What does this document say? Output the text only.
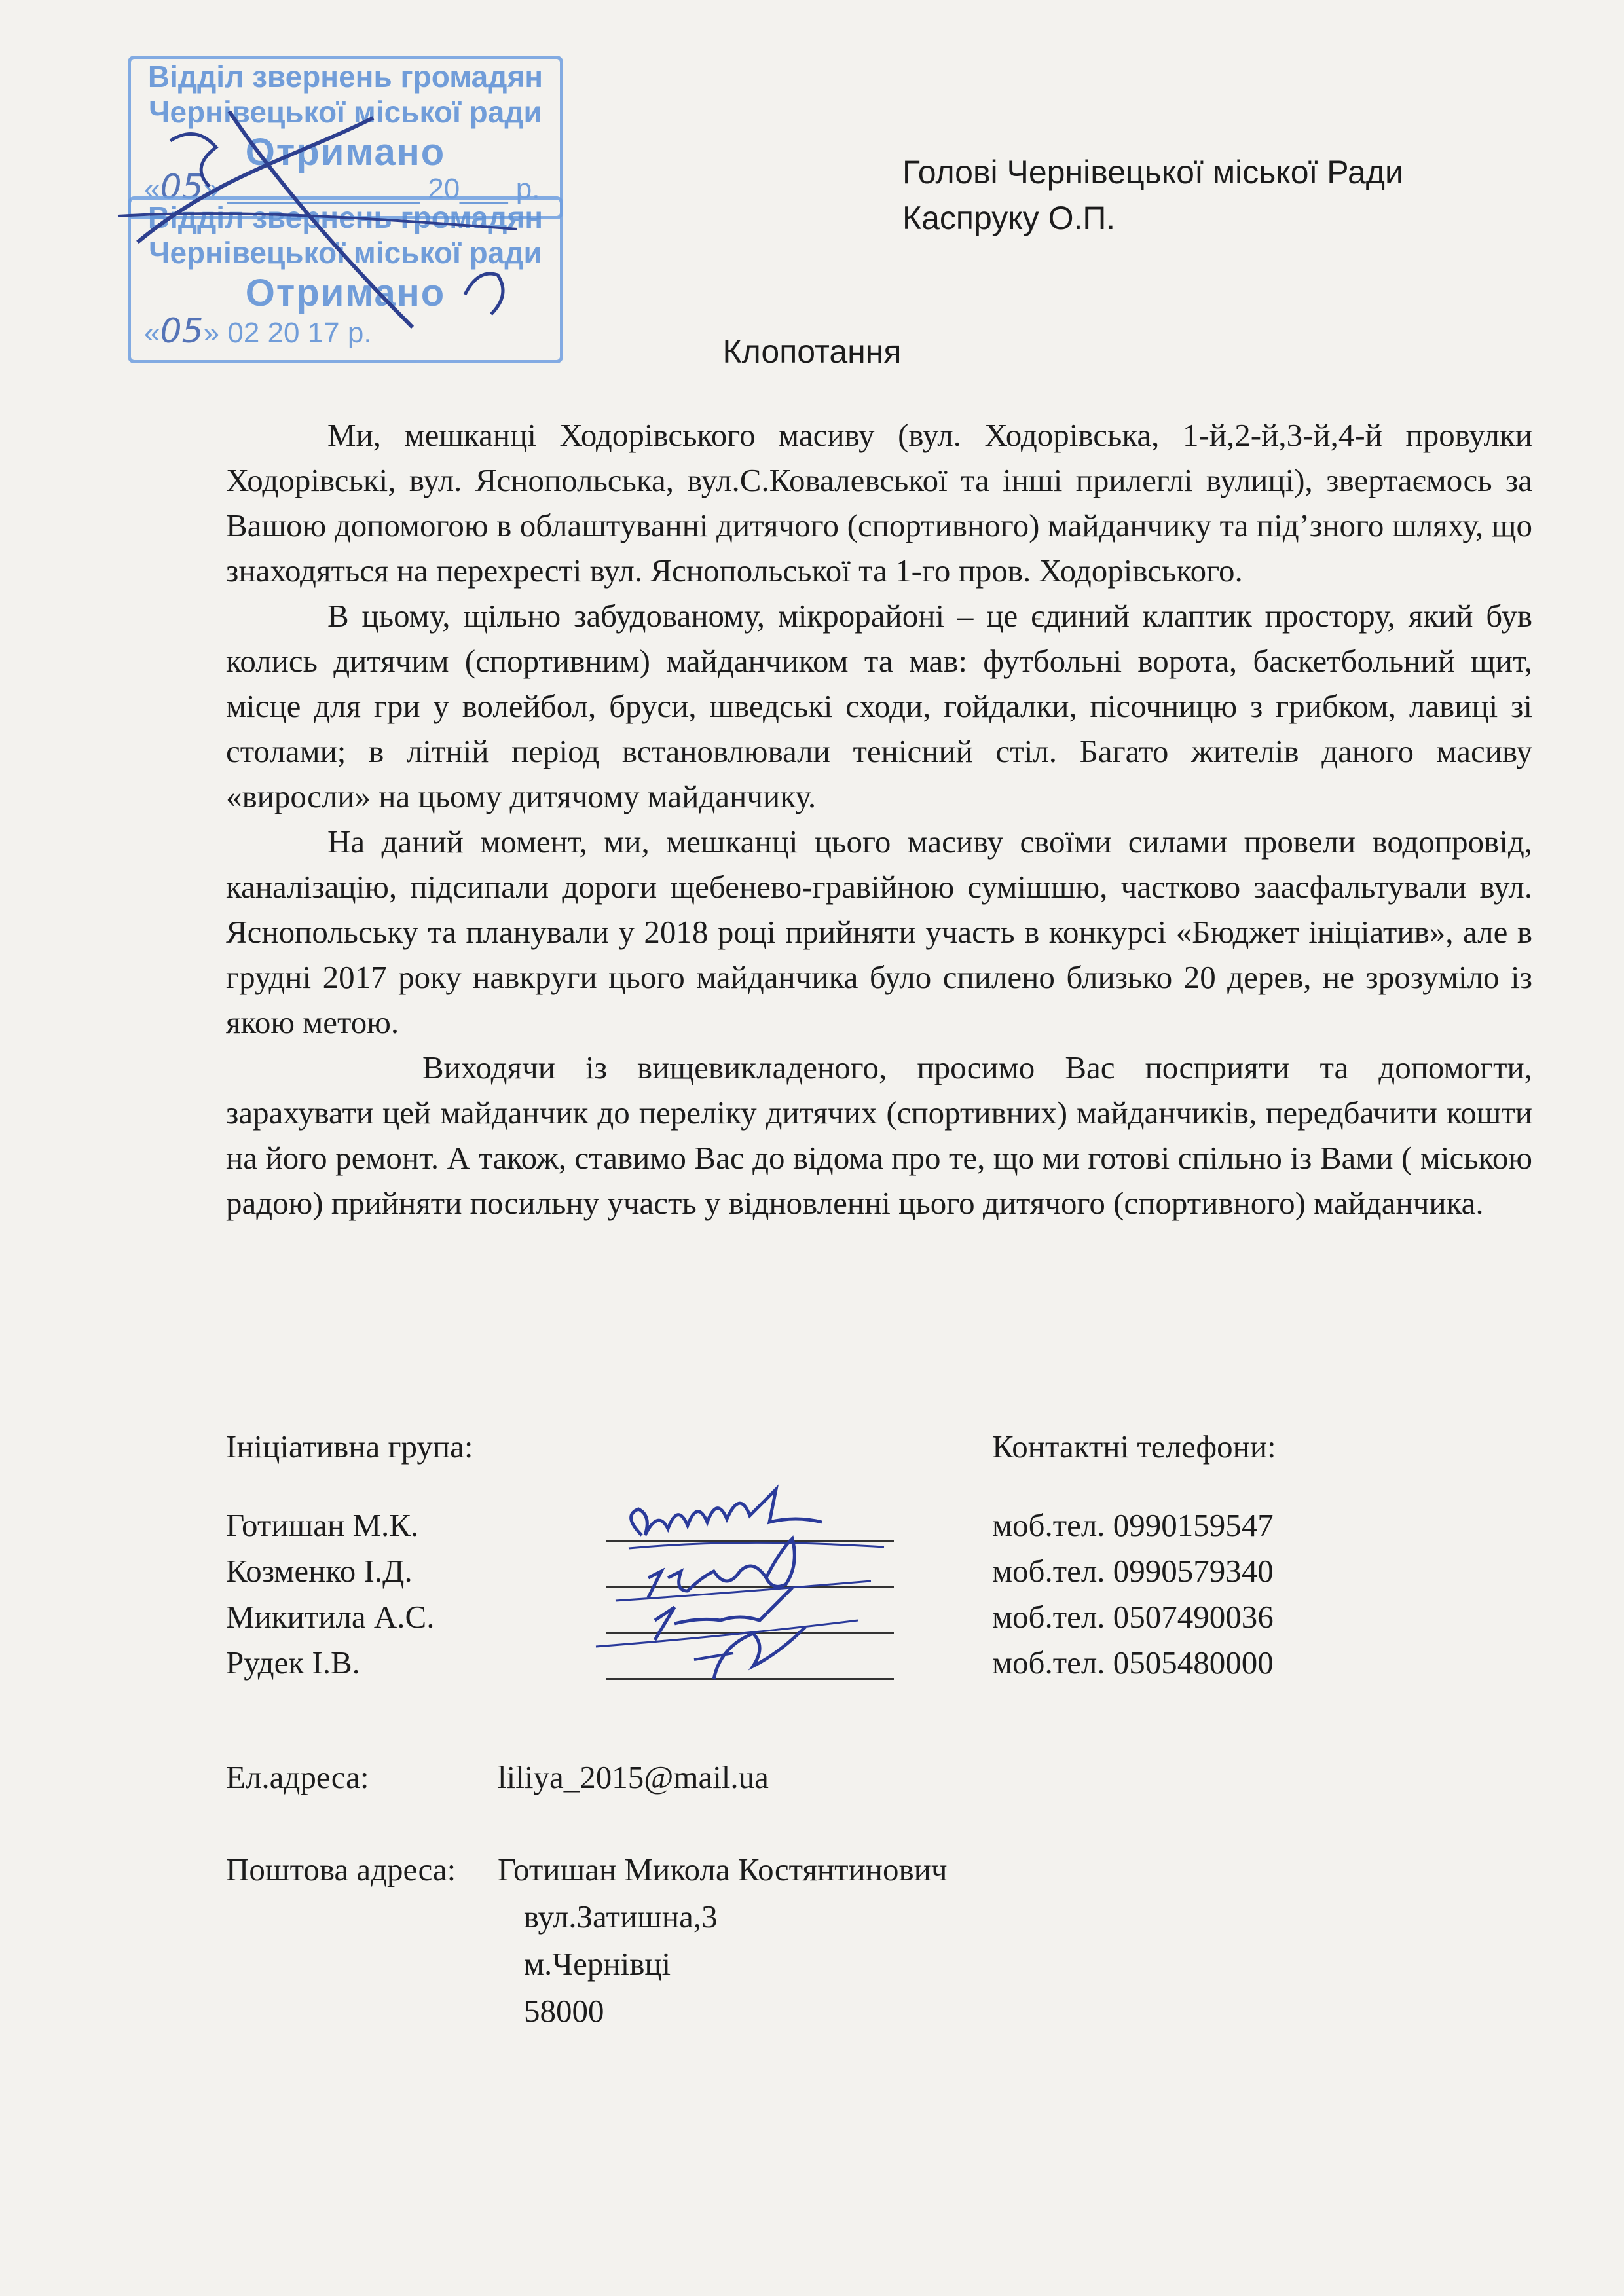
Відділ звернень громадян
Чернівецької міської ради
Отримано
«05» ____________ 20___ р.
Відділ звернень громадян
Чернівецької міської ради
Отримано
«05» 02 20 17 р.
Голові Чернівецької міської Ради
Каспруку О.П.
Клопотання

Ми, мешканці Ходорівського масиву (вул. Ходорівська, 1-й,2-й,3-й,4-й провулки Ходорівські, вул. Яснопольська, вул.С.Ковалевської та інші прилеглі вулиці), звертаємось за Вашою допомогою в облаштуванні дитячого (спортивного) майданчику та під’зного шляху, що знаходяться на перехресті вул. Яснопольської та 1-го пров. Ходорівського.

В цьому, щільно забудованому, мікрорайоні – це єдиний клаптик простору, який був колись дитячим (спортивним) майданчиком та мав: футбольні ворота, баскетбольний щит, місце для гри у волейбол, бруси, шведські сходи, гойдалки, пісочницю з грибком, лавиці зі столами; в літній період встановлювали тенісний стіл. Багато жителів даного масиву «виросли» на цьому дитячому майданчику.

На даний момент, ми, мешканці цього масиву своїми силами провели водопровід, каналізацію, підсипали дороги щебенево-гравійною сумішшю, частково заасфальтували вул. Яснопольську та планували у 2018 році прийняти участь в конкурсі «Бюджет ініціатив», але в грудні 2017 року навкруги цього майданчика було спилено близько 20 дерев, не зрозуміло із якою метою.

Виходячи із вищевикладеного, просимо Вас посприяти та допомогти, зарахувати цей майданчик до переліку дитячих (спортивних) майданчиків, передбачити кошти на його ремонт. А також, ставимо Вас до відома про те, що ми готові спільно із Вами ( міською радою) прийняти посильну участь у відновленні цього дитячого (спортивного) майданчика.

Ініціативна група:	Контактні телефони:
Готишан М.К.	моб.тел. 0990159547
Козменко І.Д.	моб.тел. 0990579340
Микитила А.С.	моб.тел. 0507490036
Рудек І.В.	моб.тел. 0505480000
Ел.адреса:	liliya_2015@mail.ua
Поштова адреса: Готишан Микола Костянтинович
вул.Затишна,3
м.Чернівці
58000
